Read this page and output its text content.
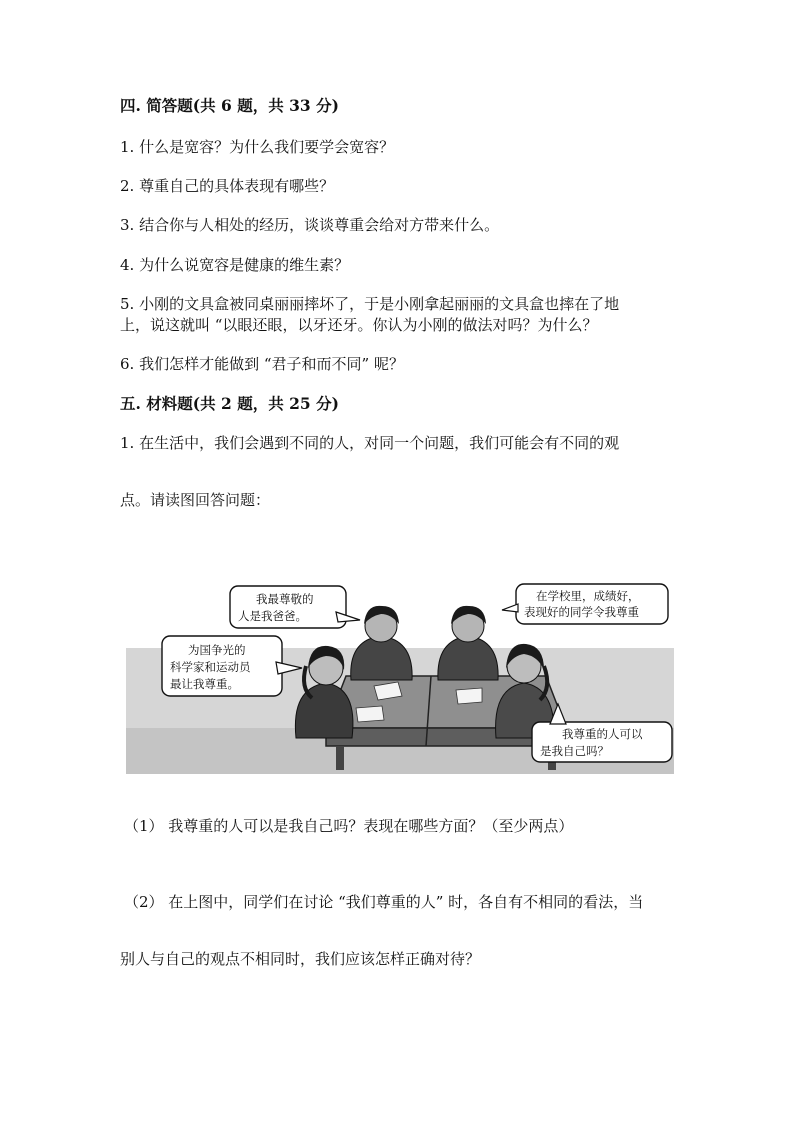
四. 简答题(共 6 题，共 33 分)
1. 什么是宽容？为什么我们要学会宽容？
2. 尊重自己的具体表现有哪些？
3. 结合你与人相处的经历，谈谈尊重会给对方带来什么。
4. 为什么说宽容是健康的维生素？
5. 小刚的文具盒被同桌丽丽摔坏了，于是小刚拿起丽丽的文具盒也摔在了地
上，说这就叫 “以眼还眼，以牙还牙。你认为小刚的做法对吗？为什么？
6. 我们怎样才能做到 “君子和而不同” 呢？
五. 材料题(共 2 题，共 25 分)
1. 在生活中，我们会遇到不同的人，对同一个问题，我们可能会有不同的观
点。请读图回答问题：
我最尊敬的
人是我爸爸。
在学校里，成绩好，
表现好的同学令我尊重
为国争光的
科学家和运动员
最让我尊重。
我尊重的人可以
是我自己吗？
（1） 我尊重的人可以是我自己吗？表现在哪些方面？（至少两点）
（2） 在上图中，同学们在讨论 “我们尊重的人” 时，各自有不相同的看法，当
别人与自己的观点不相同时，我们应该怎样正确对待？
